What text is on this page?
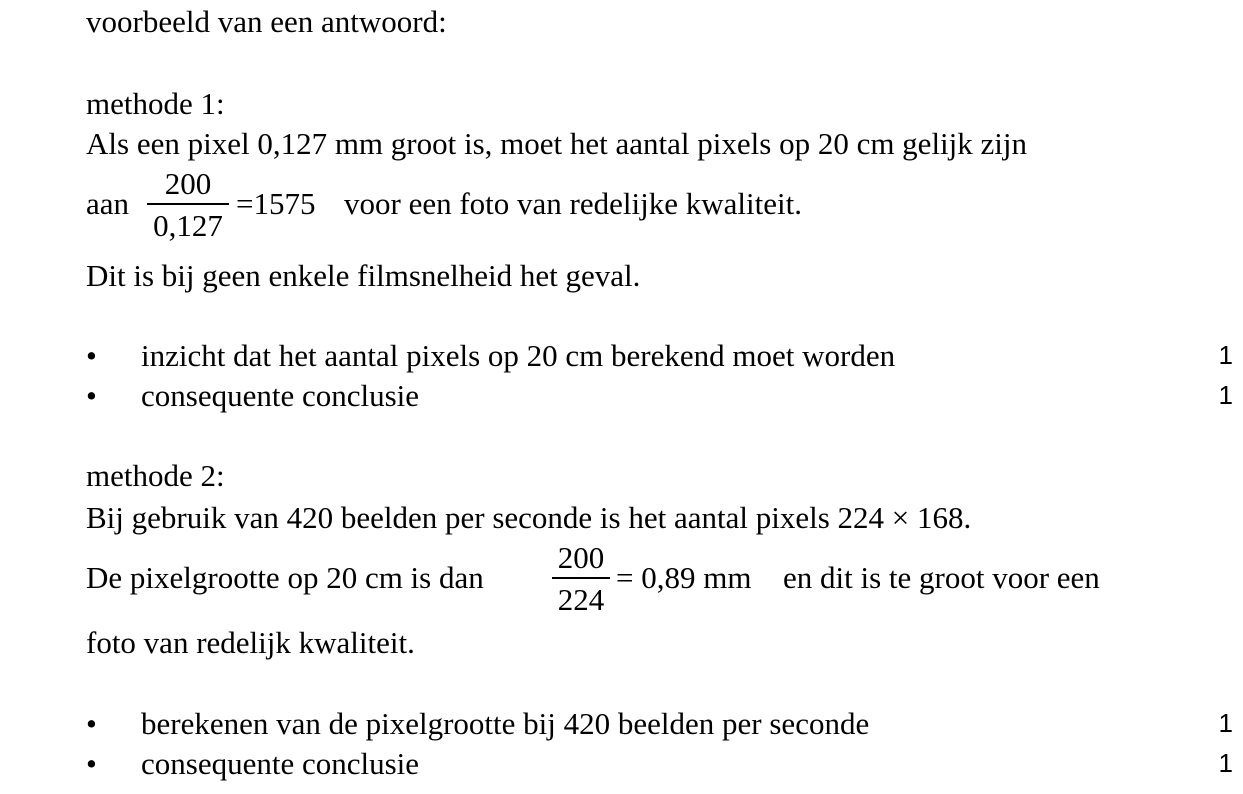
voorbeeld van een antwoord:
methode 1:
Als een pixel 0,127 mm groot is, moet het aantal pixels op 20 cm gelijk zijn
aan
200
0,127
=1575 voor een foto van redelijke kwaliteit.
Dit is bij geen enkele filmsnelheid het geval.
• inzicht dat het aantal pixels op 20 cm berekend moet worden	1
• consequente conclusie	1
methode 2:
Bij gebruik van 420 beelden per seconde is het aantal pixels 224 × 168.
De pixelgrootte op 20 cm is dan
200
224
= 0,89 mm en dit is te groot voor een
foto van redelijk kwaliteit.
• berekenen van de pixelgrootte bij 420 beelden per seconde	1
• consequente conclusie	1
